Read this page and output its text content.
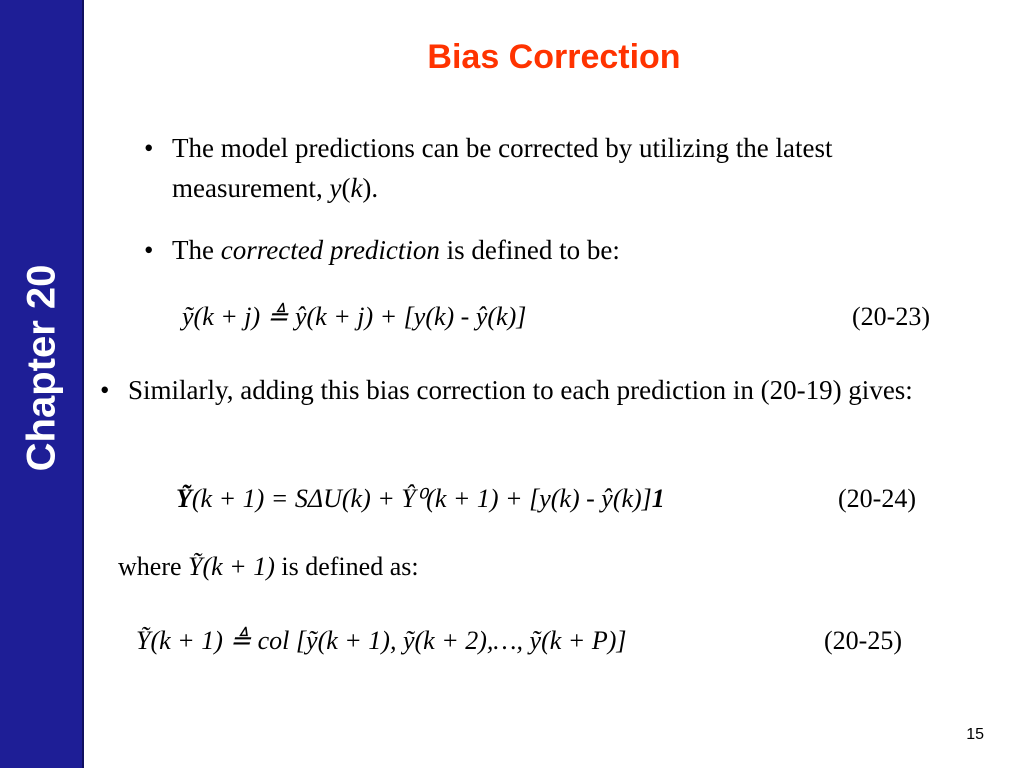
Chapter 20
Bias Correction
• The model predictions can be corrected by utilizing the latest measurement, y(k).
• The corrected prediction is defined to be:
ỹ(k + j) ≜ ŷ(k + j) + [y(k) - ŷ(k)]	(20-23)
• Similarly, adding this bias correction to each prediction in (20-19) gives:
Ỹ(k + 1) = SΔU(k) + Ŷ⁰(k + 1) + [y(k) - ŷ(k)]1	(20-24)
where Ỹ(k + 1) is defined as:
Ỹ(k + 1) ≜ col [ỹ(k + 1), ỹ(k + 2),…, ỹ(k + P)]	(20-25)
15
